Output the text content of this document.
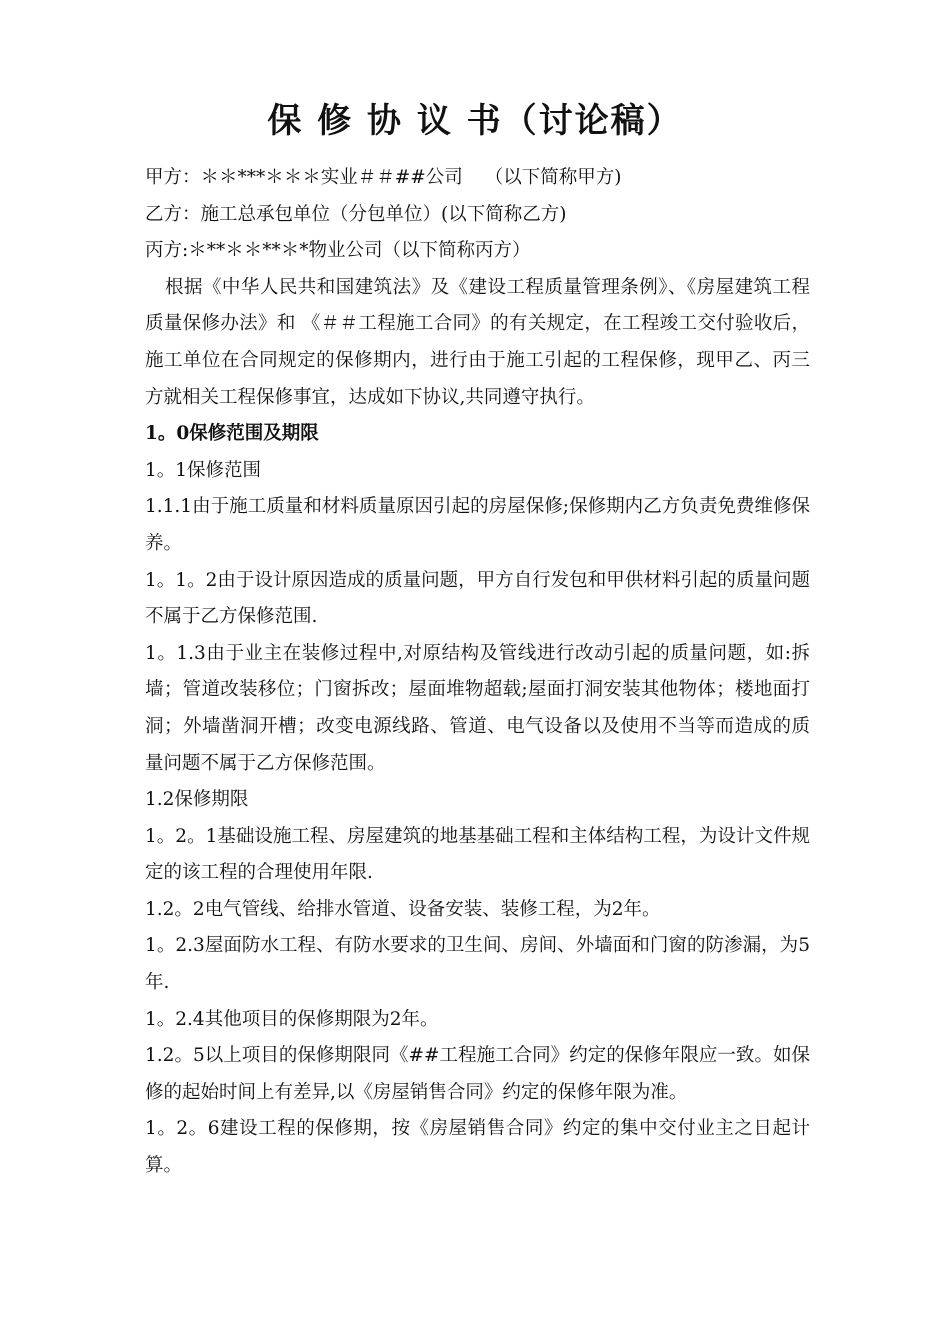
保 修 协 议 书（讨论稿）

甲方：＊＊***＊＊＊实业＃＃##公司 （以下简称甲方)

乙方：施工总承包单位（分包单位）(以下简称乙方)

丙方:＊**＊＊**＊*物业公司（以下简称丙方）

根据《中华人民共和国建筑法》及《建设工程质量管理条例》、《房屋建筑工程质量保修办法》和 《＃＃工程施工合同》的有关规定，在工程竣工交付验收后，施工单位在合同规定的保修期内，进行由于施工引起的工程保修，现甲乙、丙三方就相关工程保修事宜，达成如下协议,共同遵守执行。

1。0保修范围及期限

1。1保修范围

1.1.1由于施工质量和材料质量原因引起的房屋保修;保修期内乙方负责免费维修保养。

1。1。2由于设计原因造成的质量问题，甲方自行发包和甲供材料引起的质量问题不属于乙方保修范围.

1。1.3由于业主在装修过程中,对原结构及管线进行改动引起的质量问题，如:拆墙；管道改装移位；门窗拆改；屋面堆物超载;屋面打洞安装其他物体；楼地面打洞；外墙凿洞开槽；改变电源线路、管道、电气设备以及使用不当等而造成的质量问题不属于乙方保修范围。

1.2保修期限

1。2。1基础设施工程、房屋建筑的地基基础工程和主体结构工程，为设计文件规定的该工程的合理使用年限.

1.2。2电气管线、给排水管道、设备安装、装修工程，为2年。

1。2.3屋面防水工程、有防水要求的卫生间、房间、外墙面和门窗的防渗漏，为5年.

1。2.4其他项目的保修期限为2年。

1.2。5以上项目的保修期限同《##工程施工合同》约定的保修年限应一致。如保修的起始时间上有差异,以《房屋销售合同》约定的保修年限为准。

1。2。6建设工程的保修期，按《房屋销售合同》约定的集中交付业主之日起计算。
